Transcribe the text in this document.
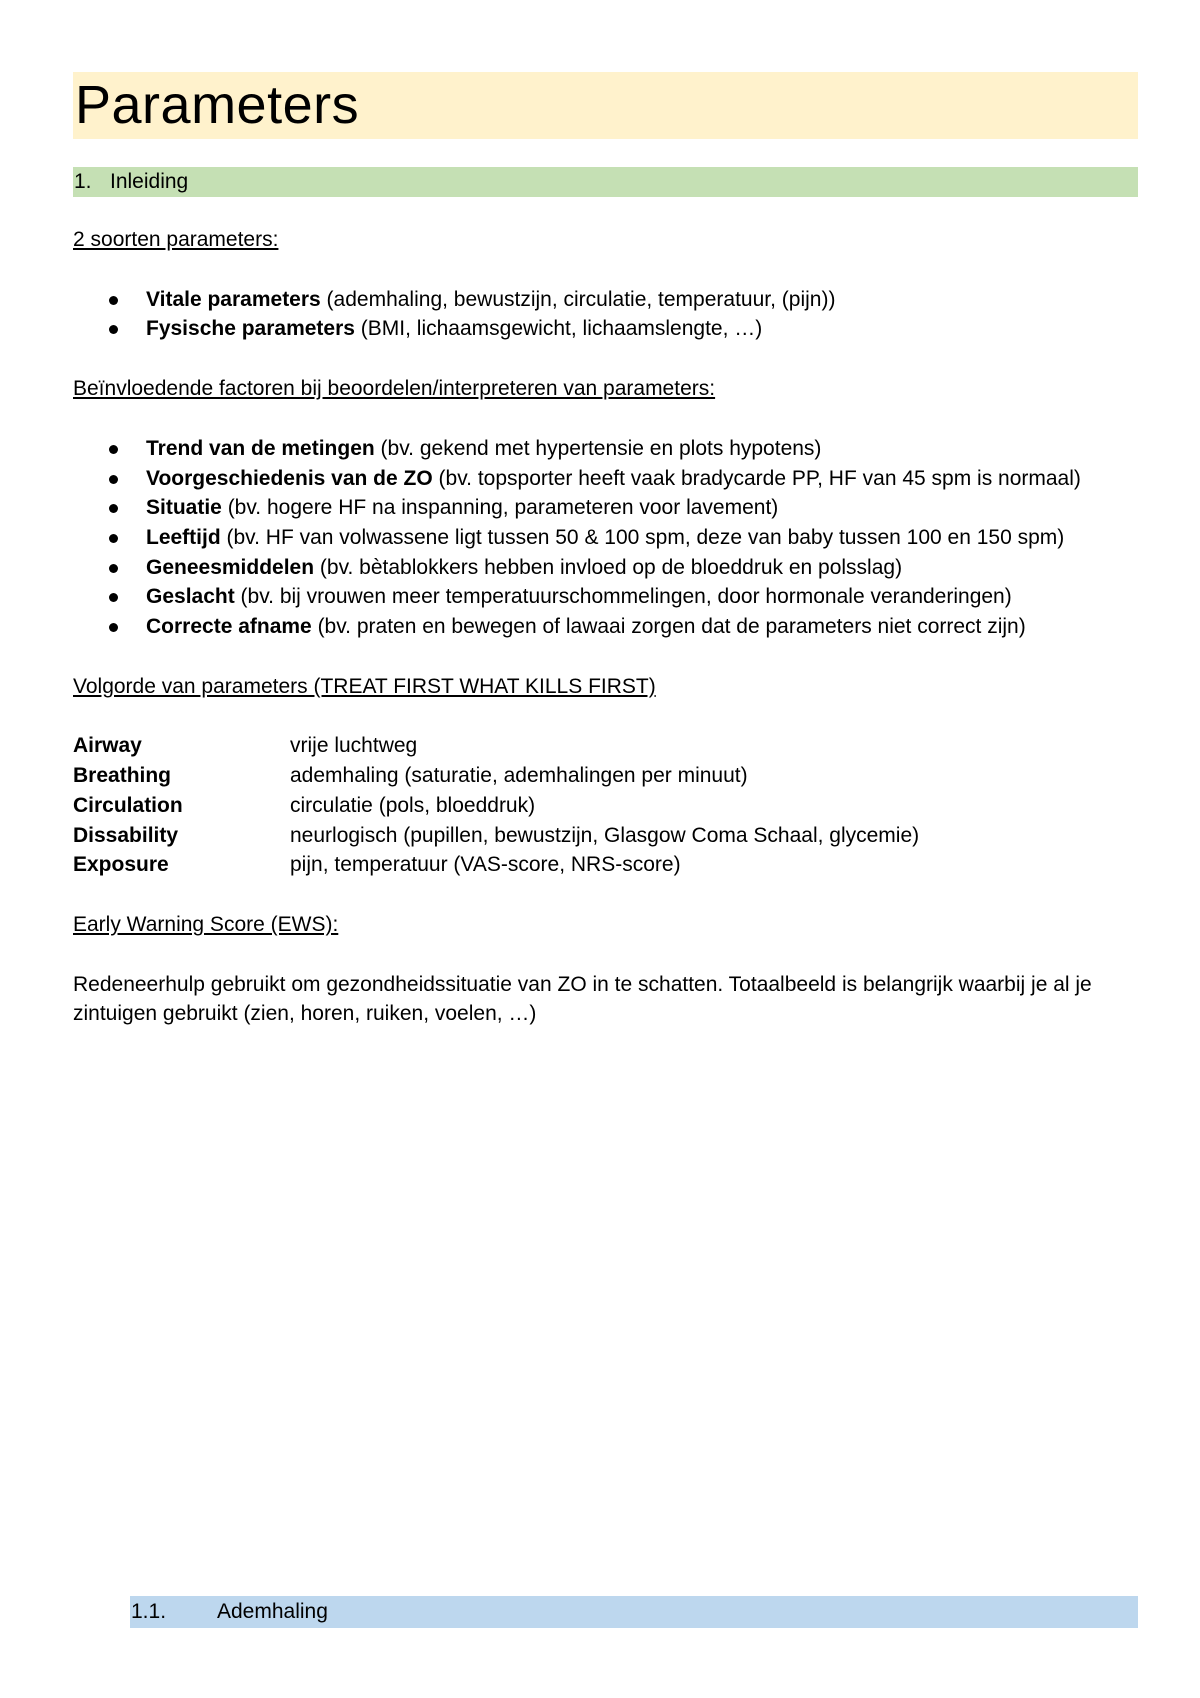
Parameters
1. Inleiding
2 soorten parameters:
Vitale parameters (ademhaling, bewustzijn, circulatie, temperatuur, (pijn))
Fysische parameters (BMI, lichaamsgewicht, lichaamslengte, …)
Beïnvloedende factoren bij beoordelen/interpreteren van parameters:
Trend van de metingen (bv. gekend met hypertensie en plots hypotens)
Voorgeschiedenis van de ZO (bv. topsporter heeft vaak bradycarde PP, HF van 45 spm is normaal)
Situatie (bv. hogere HF na inspanning, parameteren voor lavement)
Leeftijd (bv. HF van volwassene ligt tussen 50 & 100 spm, deze van baby tussen 100 en 150 spm)
Geneesmiddelen (bv. bètablokkers hebben invloed op de bloeddruk en polsslag)
Geslacht (bv. bij vrouwen meer temperatuurschommelingen, door hormonale veranderingen)
Correcte afname (bv. praten en bewegen of lawaai zorgen dat de parameters niet correct zijn)
Volgorde van parameters (TREAT FIRST WHAT KILLS FIRST)
Airway	vrije luchtweg
Breathing	ademhaling (saturatie, ademhalingen per minuut)
Circulation	circulatie (pols, bloeddruk)
Dissability	neurlogisch (pupillen, bewustzijn, Glasgow Coma Schaal, glycemie)
Exposure	pijn, temperatuur (VAS-score, NRS-score)
Early Warning Score (EWS):
Redeneerhulp gebruikt om gezondheidssituatie van ZO in te schatten. Totaalbeeld is belangrijk waarbij je al je zintuigen gebruikt (zien, horen, ruiken, voelen, …)
1.1.	Ademhaling
